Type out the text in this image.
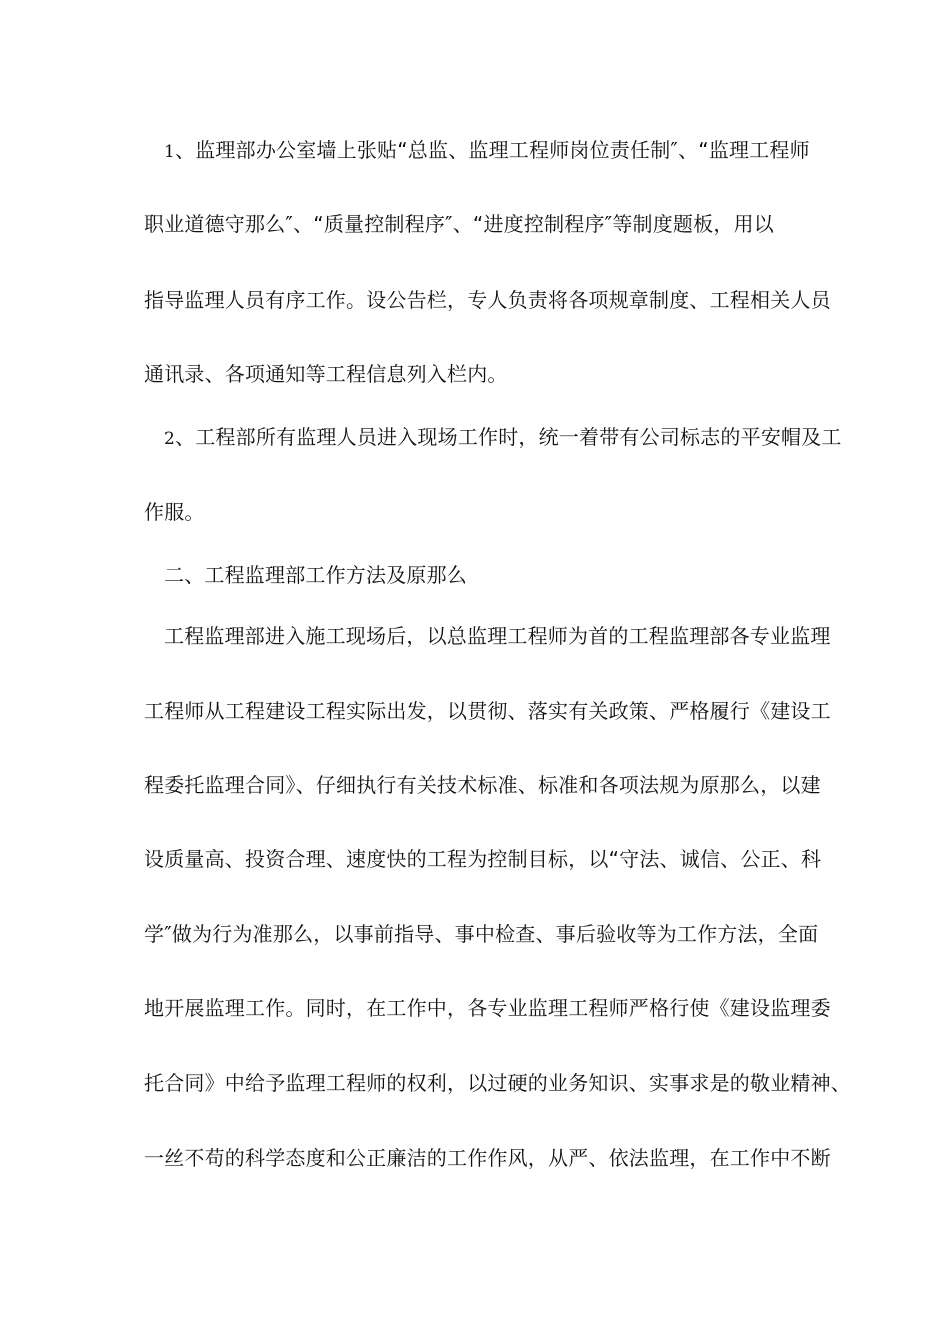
1、监理部办公室墙上张贴“总监、监理工程师岗位责任制″、“监理工程师
职业道德守那么″、“质量控制程序″、“进度控制程序″等制度题板，用以
指导监理人员有序工作。设公告栏，专人负责将各项规章制度、工程相关人员
通讯录、各项通知等工程信息列入栏内。
2、工程部所有监理人员进入现场工作时，统一着带有公司标志的平安帽及工
作服。
二、工程监理部工作方法及原那么
工程监理部进入施工现场后，以总监理工程师为首的工程监理部各专业监理
工程师从工程建设工程实际出发，以贯彻、落实有关政策、严格履行《建设工
程委托监理合同》、仔细执行有关技术标准、标准和各项法规为原那么，以建
设质量高、投资合理、速度快的工程为控制目标，以“守法、诚信、公正、科
学″做为行为准那么，以事前指导、事中检查、事后验收等为工作方法，全面
地开展监理工作。同时，在工作中，各专业监理工程师严格行使《建设监理委
托合同》中给予监理工程师的权利，以过硬的业务知识、实事求是的敬业精神、
一丝不苟的科学态度和公正廉洁的工作作风，从严、依法监理，在工作中不断
